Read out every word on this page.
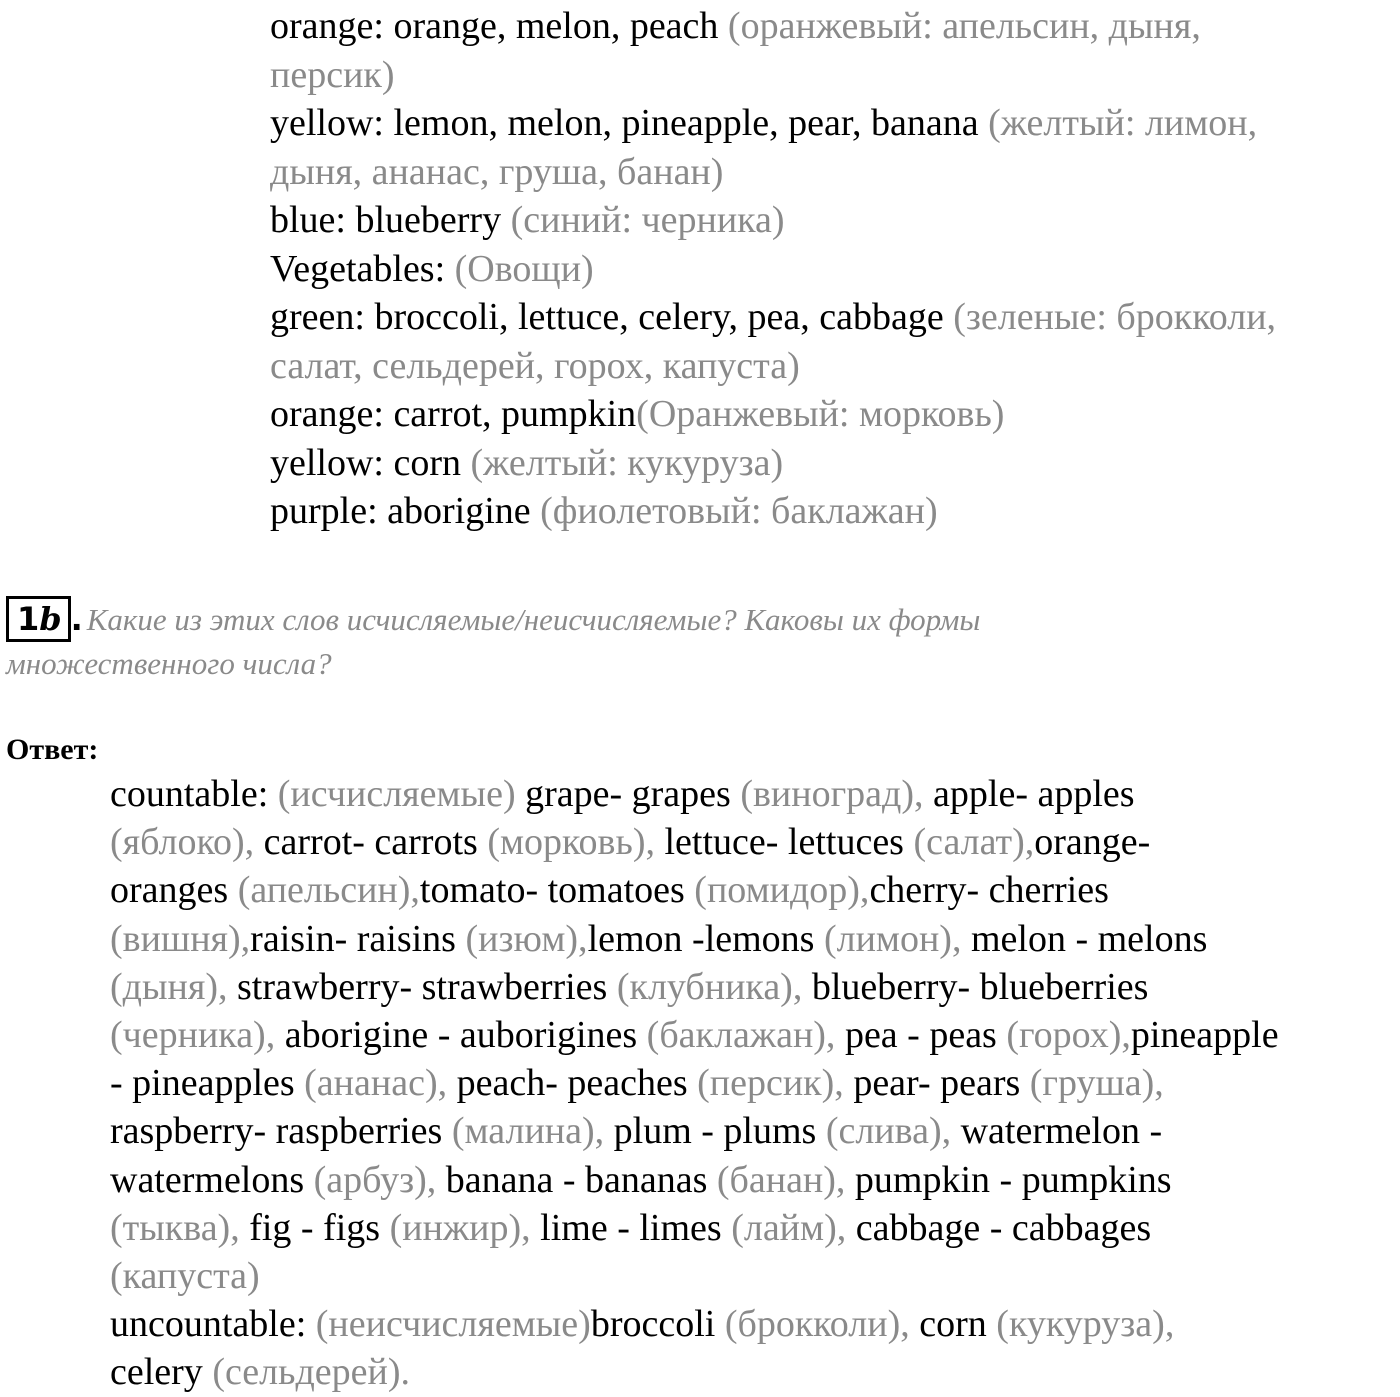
orange: orange, melon, peach (оранжевый: апельсин, дыня,
персик)
yellow: lemon, melon, pineapple, pear, banana (желтый: лимон,
дыня, ананас, груша, банан)
blue: blueberry (синий: черника)
Vegetables: (Овощи)
green: broccoli, lettuce, celery, pea, cabbage (зеленые: брокколи,
салат, сельдерей, горох, капуста)
orange: carrot, pumpkin(Оранжевый: морковь)
yellow: corn (желтый: кукуруза)
purple: aborigine (фиолетовый: баклажан)
1b . Какие из этих слов исчисляемые/неисчисляемые? Каковы их формы
множественного числа?
Ответ:
countable: (исчисляемые) grape- grapes (виноград), apple- apples
(яблоко), carrot- carrots (морковь), lettuce- lettuces (салат),orange-
oranges (апельсин),tomato- tomatoes (помидор),cherry- cherries
(вишня),raisin- raisins (изюм),lemon -lemons (лимон), melon - melons
(дыня), strawberry- strawberries (клубника), blueberry- blueberries
(черника), aborigine - auborigines (баклажан), pea - peas (горох),pineapple
- pineapples (ананас), peach- peaches (персик), pear- pears (груша),
raspberry- raspberries (малина), plum - plums (слива), watermelon -
watermelons (арбуз), banana - bananas (банан), pumpkin - pumpkins
(тыква), fig - figs (инжир), lime - limes (лайм), cabbage - cabbages
(капуста)
uncountable: (неисчисляемые)broccoli (брокколи), corn (кукуруза),
celery (сельдерей).
